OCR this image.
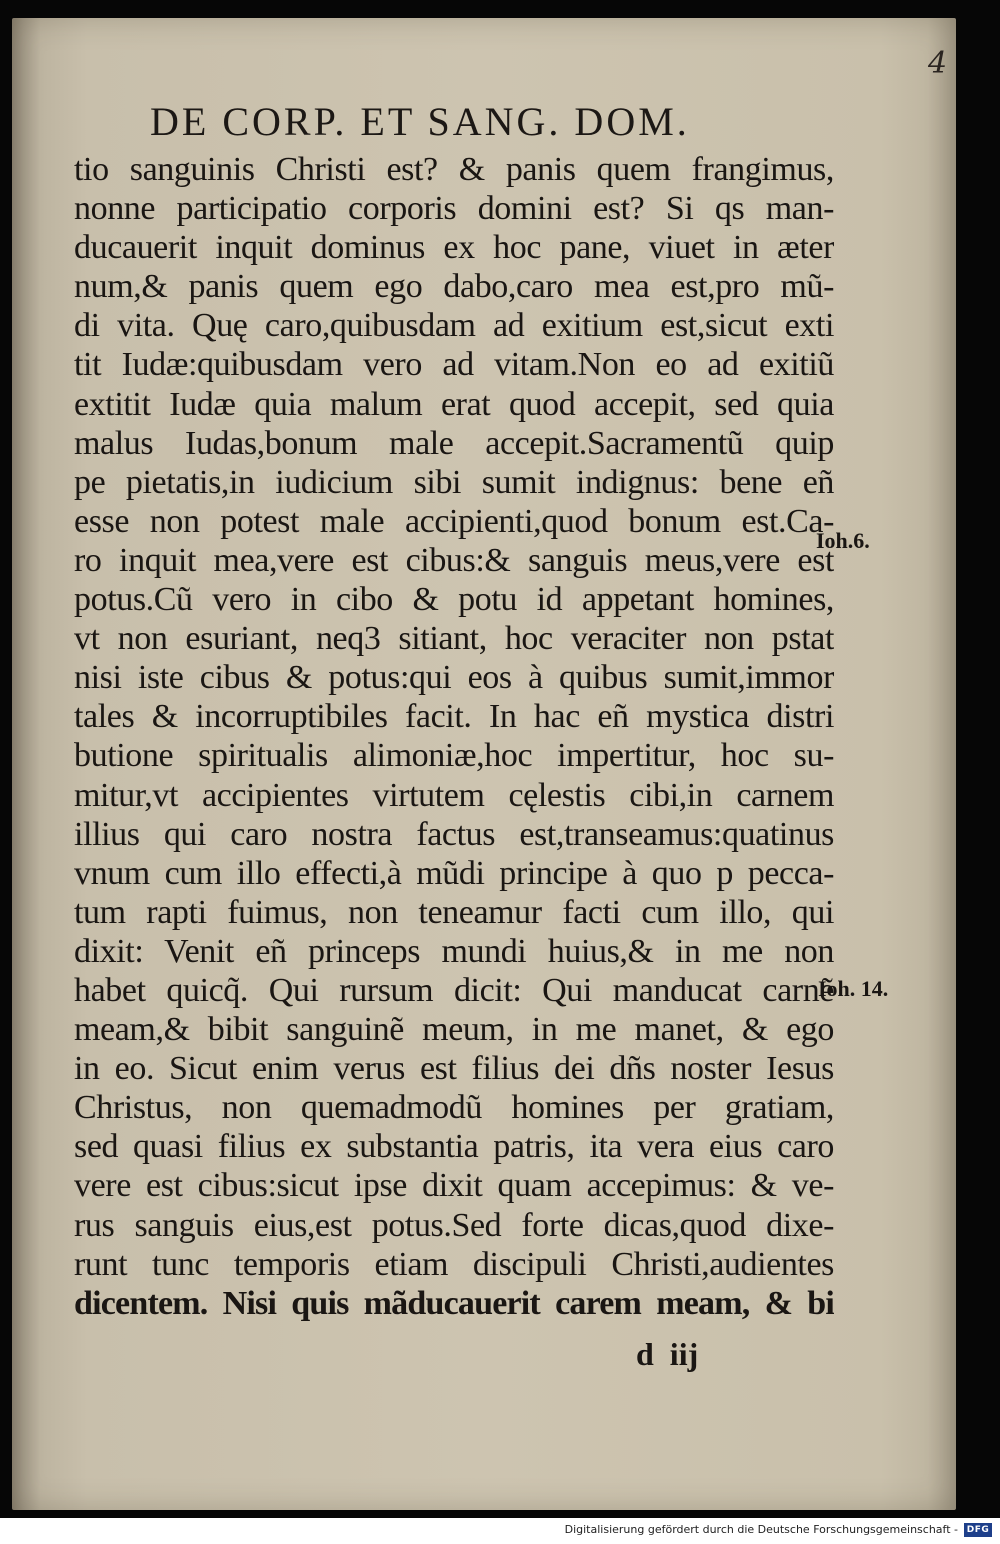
4

DE CORP. ET SANG. DOM.
tio sanguinis Christi est? & panis quem frangimus,
nonne participatio corporis domini est? Si qs man-
ducauerit inquit dominus ex hoc pane, viuet in æter
num,& panis quem ego dabo,caro mea est,pro mũ-
di vita. Quę caro,quibusdam ad exitium est,sicut exti
tit Iudæ:quibusdam vero ad vitam.Non eo ad exitiũ
extitit Iudæ quia malum erat quod accepit, sed quia
malus Iudas,bonum male accepit.Sacramentũ quip
pe pietatis,in iudicium sibi sumit indignus: bene eñ
esse non potest male accipienti,quod bonum est.Ca-
ro inquit mea,vere est cibus:& sanguis meus,vere est
potus.Cũ vero in cibo & potu id appetant homines,
vt non esuriant, neq3 sitiant, hoc veraciter non pstat
nisi iste cibus & potus:qui eos à quibus sumit,immor
tales & incorruptibiles facit. In hac eñ mystica distri
butione spiritualis alimoniæ,hoc impertitur, hoc su-
mitur,vt accipientes virtutem cęlestis cibi,in carnem
illius qui caro nostra factus est,transeamus:quatinus
vnum cum illo effecti,à mũdi principe à quo p pecca-
tum rapti fuimus, non teneamur facti cum illo, qui
dixit: Venit eñ princeps mundi huius,& in me non
habet quicq̃. Qui rursum dicit: Qui manducat carnẽ
meam,& bibit sanguinẽ meum, in me manet, & ego
in eo. Sicut enim verus est filius dei dñs noster Iesus
Christus, non quemadmodũ homines per gratiam,
sed quasi filius ex substantia patris, ita vera eius caro
vere est cibus:sicut ipse dixit quam accepimus: & ve-
rus sanguis eius,est potus.Sed forte dicas,quod dixe-
runt tunc temporis etiam discipuli Christi,audientes
dicentem. Nisi quis mãducauerit carem meam, & bi

Ioh.6.

Ioh. 14.

d  iij

Digitalisierung gefördert durch die Deutsche Forschungsgemeinschaft - DFG
